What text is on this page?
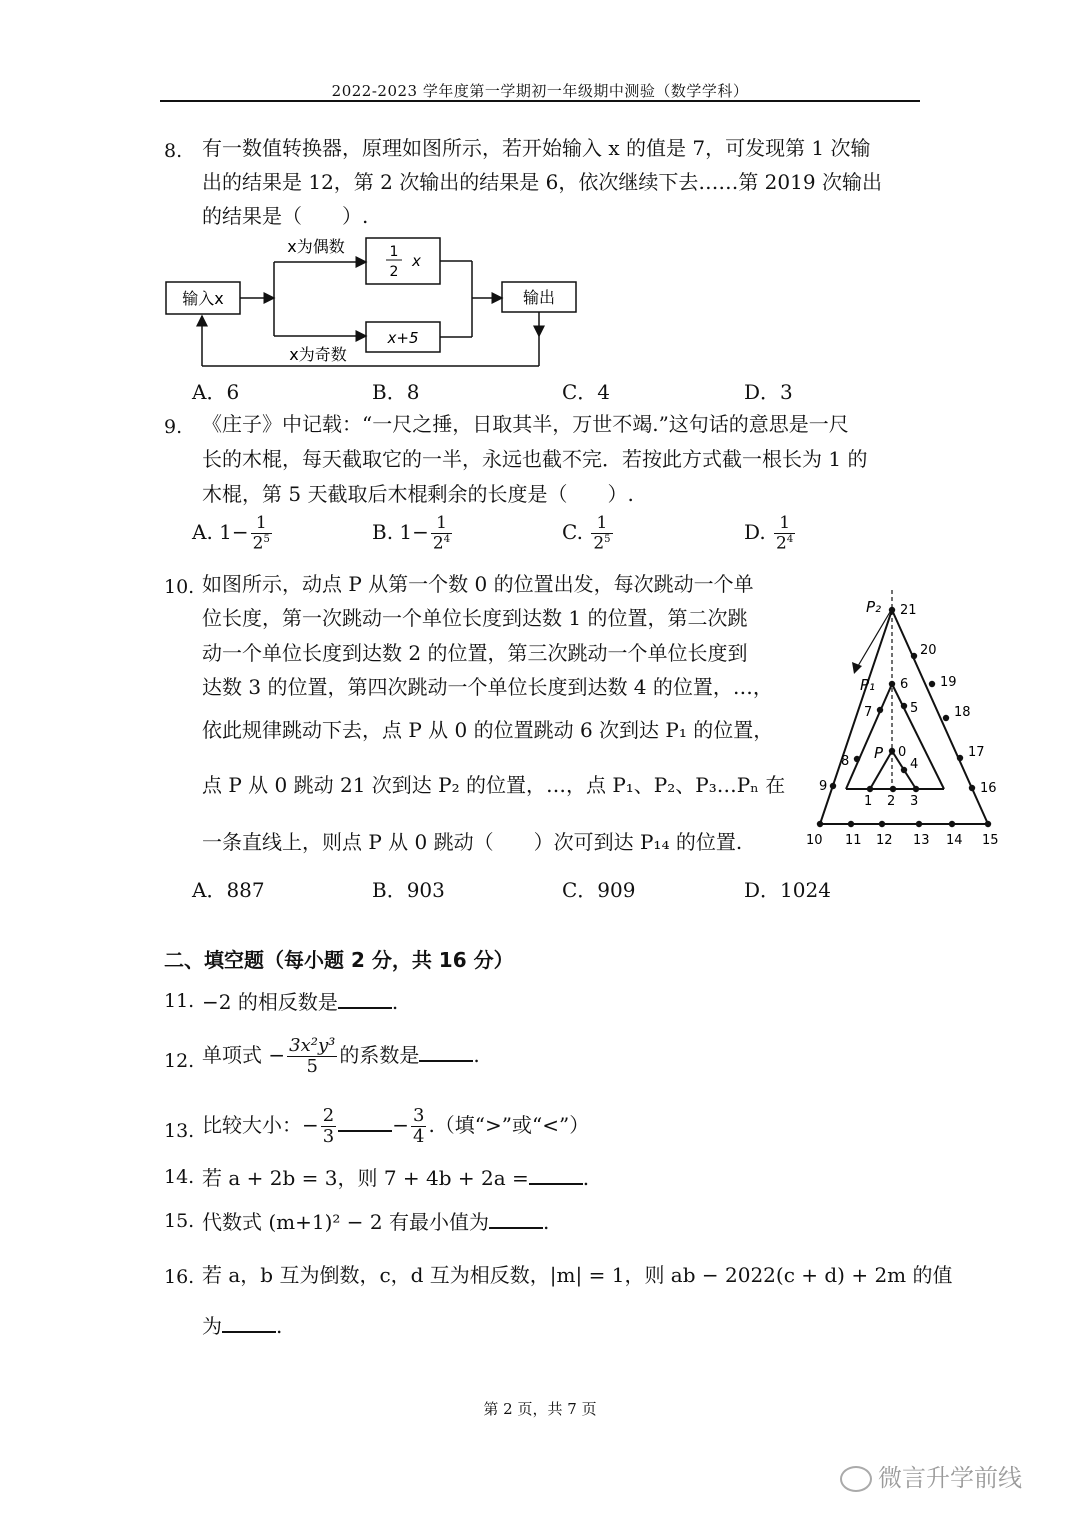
2022-2023 学年度第一学期初一年级期中测验（数学学科）
8. 有一数值转换器，原理如图所示，若开始输入 x 的值是 7，可发现第 1 次输
出的结果是 12，第 2 次输出的结果是 6，依次继续下去……第 2019 次输出
的结果是（　　）.
输入x
x为偶数
x为奇数
1
2
x
x+5
输出
A．6	B．8	C．4	D．3
9. 《庄子》中记载：“一尺之捶，日取其半，万世不竭.”这句话的意思是一尺
长的木棍，每天截取它的一半，永远也截不完．若按此方式截一根长为 1 的
木棍，第 5 天截取后木棍剩余的长度是（　　）.
A. $1- \frac{1}{2^5}$	B. $1- \frac{1}{2^4}$	C. $\frac{1}{2^5}$	D. $\frac{1}{2^4}$
10. 如图所示，动点 P 从第一个数 0 的位置出发，每次跳动一个单
位长度，第一次跳动一个单位长度到达数 1 的位置，第二次跳
动一个单位长度到达数 2 的位置，第三次跳动一个单位长度到
达数 3 的位置，第四次跳动一个单位长度到达数 4 的位置，…，
依此规律跳动下去，点 P 从 0 的位置跳动 6 次到达 P₁ 的位置，
点 P 从 0 跳动 21 次到达 P₂ 的位置，…，点 P₁、P₂、P₃…Pₙ 在
一条直线上，则点 P 从 0 跳动（　　）次可到达 P₁₄ 的位置.
0
1 2 3
4
5
6
7
8
9
10 11 12 13 14 15
16
17
18
19
20
21
P₂
P₁
P
A．887	B．903	C．909	D．1024
二、填空题（每小题 2 分，共 16 分）
11. −2 的相反数是	.
12. 单项式 − $\frac{\text{3x²y³}}{5}$ 的系数是	.
13. 比较大小：− $\frac{2}{3}$	− $\frac{3}{4}$ .（填“>”或“<”）
14. 若 a + 2b = 3，则 7 + 4b + 2a =	.
15. 代数式 (m+1)² − 2 有最小值为	.
16. 若 a，b 互为倒数，c，d 互为相反数，|m| = 1，则 ab − 2022(c + d) + 2m 的值
为	.
第 2 页，共 7 页
微言升学前线
